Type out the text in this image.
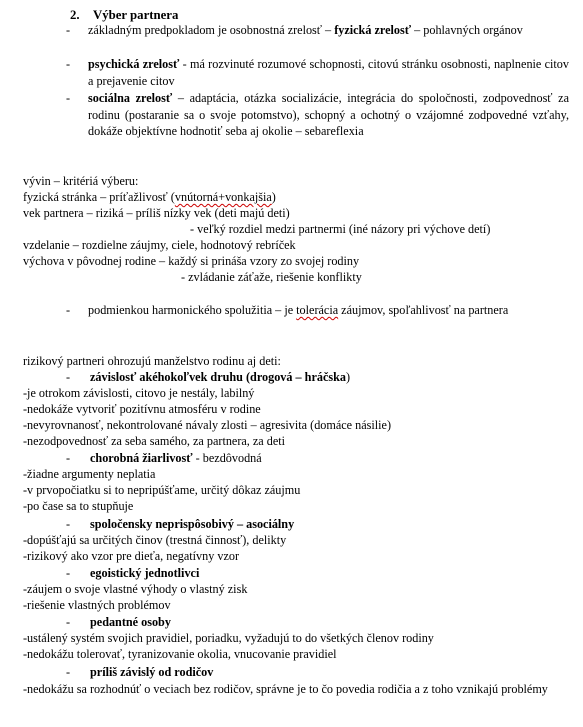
2. Výber partnera
- základným predpokladom je osobnostná zrelosť – fyzická zrelosť – pohlavných orgánov
- psychická zrelosť - má rozvinuté rozumové schopnosti, citovú stránku osobnosti, naplnenie citov a prejavenie citov
- sociálna zrelosť – adaptácia, otázka socializácie, integrácia do spoločnosti, zodpovednosť za rodinu (postaranie sa o svoje potomstvo), schopný a ochotný o vzájomné zodpovedné vzťahy, dokáže objektívne hodnotiť seba aj okolie – sebareflexia
vývin – kritériá výberu:
fyzická stránka – príťažlivosť (vnútorná+vonkajšia)
vek partnera – riziká – príliš nízky vek (deti majú deti)
- veľký rozdiel medzi partnermi (iné názory pri výchove detí)
vzdelanie – rozdielne záujmy, ciele, hodnotový rebríček
výchova v pôvodnej rodine – každý si prináša vzory zo svojej rodiny
- zvládanie záťaže, riešenie konflikty
- podmienkou harmonického spolužitia – je tolerácia záujmov, spoľahlivosť na partnera
rizikový partneri ohrozujú manželstvo rodinu aj deti:
- závislosť akéhokoľvek druhu (drogová – hráčska)
-je otrokom závislosti, citovo je nestály, labilný
-nedokáže vytvoriť pozitívnu atmosféru v rodine
-nevyrovnanosť, nekontrolované návaly zlosti – agresivita (domáce násilie)
-nezodpovednosť za seba samého, za partnera, za deti
- chorobná žiarlivosť - bezdôvodná
-žiadne argumenty neplatia
-v prvopočiatku si to nepripúšťame, určitý dôkaz záujmu
-po čase sa to stupňuje
- spoločensky neprispôsobivý – asociálny
-dopúšťajú sa určitých činov (trestná činnosť), delikty
-rizikový ako vzor pre dieťa, negatívny vzor
- egoistický jednotlivci
-záujem o svoje vlastné výhody o vlastný zisk
-riešenie vlastných problémov
- pedantné osoby
-ustálený systém svojich pravidiel, poriadku, vyžadujú to do všetkých členov rodiny
-nedokážu tolerovať, tyranizovanie okolia, vnucovanie pravidiel
- príliš závislý od rodičov
-nedokážu sa rozhodnúť o veciach bez rodičov, správne je to čo povedia rodičia a z toho vznikajú problémy
